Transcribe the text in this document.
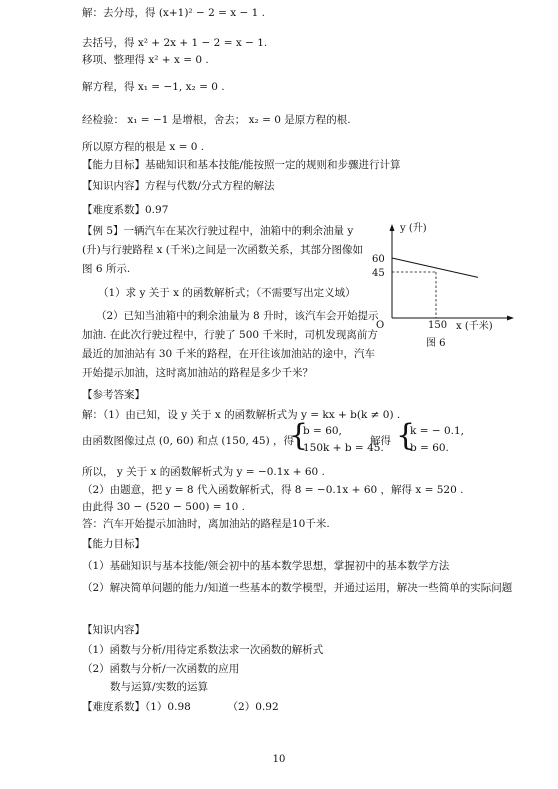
解：去分母，得 (x+1)² − 2 = x − 1 .
去括号，得 x² + 2x + 1 − 2 = x − 1.
移项、整理得 x² + x = 0 .
解方程，得 x₁ = −1, x₂ = 0 .
经检验： x₁ = −1 是增根，舍去； x₂ = 0 是原方程的根.
所以原方程的根是 x = 0 .
【能力目标】基础知识和基本技能/能按照一定的规则和步骤进行计算
【知识内容】方程与代数/分式方程的解法
【难度系数】0.97
【例 5】一辆汽车在某次行驶过程中，油箱中的剩余油量 y (升)与行驶路程 x (千米)之间是一次函数关系，其部分图像如图 6 所示.
（1）求 y 关于 x 的函数解析式；（不需要写出定义域）
（2）已知当油箱中的剩余油量为 8 升时，该汽车会开始提示加油. 在此次行驶过程中，行驶了 500 千米时，司机发现离前方最近的加油站有 30 千米的路程，在开往该加油站的途中，汽车开始提示加油，这时离加油站的路程是多少千米？
y (升)
60
45
O	150 x (千米)
图 6
【参考答案】
解：（1）由已知，设 y 关于 x 的函数解析式为 y = kx + b(k ≠ 0) .
由函数图像过点 (0, 60) 和点 (150, 45) ，得
{
b = 60,
150k + b = 45.
解得 {
k = − 0.1,
b = 60.
所以， y 关于 x 的函数解析式为 y = −0.1x + 60 .
（2）由题意，把 y = 8 代入函数解析式，得 8 = −0.1x + 60 ，解得 x = 520 .
由此得 30 − (520 − 500) = 10 .
答：汽车开始提示加油时，离加油站的路程是10千米.
【能力目标】
（1）基础知识与基本技能/领会初中的基本数学思想，掌握初中的基本数学方法
（2）解决简单问题的能力/知道一些基本的数学模型，并通过运用，解决一些简单的实际问题
【知识内容】
（1）函数与分析/用待定系数法求一次函数的解析式
（2）函数与分析/一次函数的应用
数与运算/实数的运算
【难度系数】（1）0.98　　　　（2）0.92
10
